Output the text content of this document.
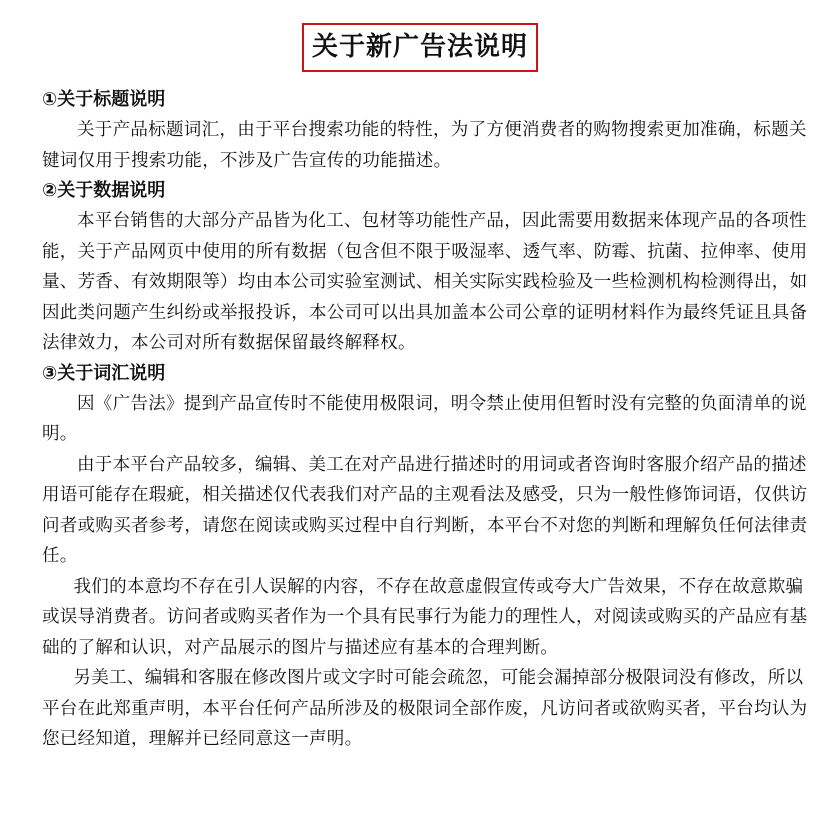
关于新广告法说明

①关于标题说明

关于产品标题词汇，由于平台搜索功能的特性，为了方便消费者的购物搜索更加准确，标题关键词仅用于搜索功能，不涉及广告宣传的功能描述。

②关于数据说明

本平台销售的大部分产品皆为化工、包材等功能性产品，因此需要用数据来体现产品的各项性能，关于产品网页中使用的所有数据（包含但不限于吸湿率、透气率、防霉、抗菌、拉伸率、使用量、芳香、有效期限等）均由本公司实验室测试、相关实际实践检验及一些检测机构检测得出，如因此类问题产生纠纷或举报投诉，本公司可以出具加盖本公司公章的证明材料作为最终凭证且具备法律效力，本公司对所有数据保留最终解释权。

③关于词汇说明

因《广告法》提到产品宣传时不能使用极限词，明令禁止使用但暂时没有完整的负面清单的说明。

由于本平台产品较多，编辑、美工在对产品进行描述时的用词或者咨询时客服介绍产品的描述用语可能存在瑕疵，相关描述仅代表我们对产品的主观看法及感受，只为一般性修饰词语，仅供访问者或购买者参考，请您在阅读或购买过程中自行判断，本平台不对您的判断和理解负任何法律责任。

我们的本意均不存在引人误解的内容，不存在故意虚假宣传或夸大广告效果，不存在故意欺骗或误导消费者。访问者或购买者作为一个具有民事行为能力的理性人，对阅读或购买的产品应有基础的了解和认识，对产品展示的图片与描述应有基本的合理判断。

另美工、编辑和客服在修改图片或文字时可能会疏忽，可能会漏掉部分极限词没有修改，所以平台在此郑重声明，本平台任何产品所涉及的极限词全部作废，凡访问者或欲购买者，平台均认为您已经知道，理解并已经同意这一声明。
